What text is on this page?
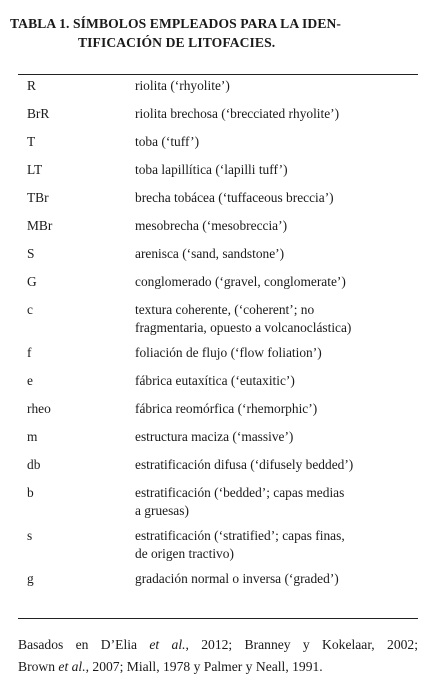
TABLA 1. SÍMBOLOS EMPLEADOS PARA LA IDEN-
TIFICACIÓN DE LITOFACIES.
R	riolita (‘rhyolite’)
BrR	riolita brechosa (‘brecciated rhyolite’)
T	toba (‘tuff’)
LT	toba lapillítica (‘lapilli tuff’)
TBr	brecha tobácea (‘tuffaceous breccia’)
MBr	mesobrecha (‘mesobreccia’)
S	arenisca (‘sand, sandstone’)
G	conglomerado (‘gravel, conglomerate’)
c	textura coherente, (‘coherent’; no
fragmentaria, opuesto a volcanoclástica)
f	foliación de flujo (‘flow foliation’)
e	fábrica eutaxítica (‘eutaxitic’)
rheo	fábrica reomórfica (‘rhemorphic’)
m	estructura maciza (‘massive’)
db	estratificación difusa (‘difusely bedded’)
b	estratificación (‘bedded’; capas medias
a gruesas)
s	estratificación (‘stratified’; capas finas,
de origen tractivo)
g	gradación normal o inversa (‘graded’)
Basados en D’Elia et al., 2012; Branney y Kokelaar, 2002;
Brown et al., 2007; Miall, 1978 y Palmer y Neall, 1991.
